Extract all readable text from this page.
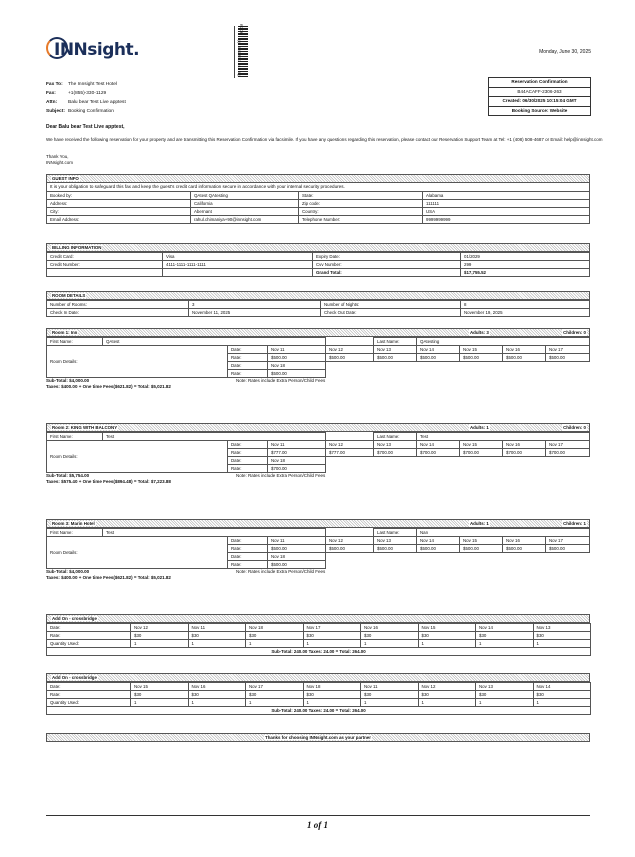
INNsight.
ROOM
| | 1 0 0 1 8 5 1 4 8 5 8 | |	Monday, June 30, 2025
Fax To:	The Innsight Test Hotel
Fax:	+1(855)-330-1129
Attn:	Balu bear Test Live apptest
Subject: Booking Confirmation
Reservation Confirmation
B44ACAFF-2306-263
Created: 06/30/2025 10:15:04 GMT
Booking Source: Website
Dear Balu bear Test Live apptest,
We have received the following reservation for your property and are transmitting this Reservation Confirmation via facsimile. If you have any questions regarding this reservation, please contact our Reservation Support Team at Tel: +1 (408) 508-4687 or Email: help@innsight.com
Thank You,
INNsight.com
GUEST INFO
It is your obligation to safeguard this fax and keep the guest's credit card information secure in accordance with your internal security procedures.
Booked by:	QAtest QAtesting	State:	Alabama
Address:	California	Zip code:	111111
City:	Abernant	Country:	USA
Email Address:	rahul.chimaniya+90@innsight.com	Telephone Number:	9999999999
BILLING INFORMATION
Credit Card:	Visa	Expiry Date:	01/2029
Credit Number:	4111-1111-1111-1111	Cvv Number:	299
		Grand Total:	$17,755.52
ROOM DETAILS
Number of Rooms:	3	Number of Nights:	8
Check In Date:	November 11, 2025	Check Out Date:	November 19, 2025
Room 1: Inn	Adults: 3	Children: 0
First Name:	QAtest				Last Name:	QAtesting			
Room Details:		Date:	Nov 11	Nov 12	Nov 13	Nov 14	Nov 15	Nov 16	Nov 17
		Rate:	$500.00	$500.00	$500.00	$500.00	$500.00	$500.00	$500.00
		Date:	Nov 18						
		Rate:	$500.00						
Sub-Total: $4,000.00
Taxes: $400.00 + One time Fees($621.82) = Total: $5,021.82
Note: Rates include Extra Person/Child Fees
Room 2: KING WITH BALCONY	Adults: 1	Children: 0
First Name:	Test				Last Name:	Test			
Room Details:		Date:	Nov 11	Nov 12	Nov 13	Nov 14	Nov 15	Nov 16	Nov 17
		Rate:	$777.00	$777.00	$700.00	$700.00	$700.00	$700.00	$700.00
		Date:	Nov 18						
		Rate:	$700.00						
Sub-Total: $5,754.00
Taxes: $575.40 + One time Fees($894.48) = Total: $7,223.88
Note: Rates include Extra Person/Child Fees
Room 3: Marin Hotel	Adults: 1	Children: 1
First Name:	Test				Last Name:	Nan			
Room Details:		Date:	Nov 11	Nov 12	Nov 13	Nov 14	Nov 15	Nov 16	Nov 17
		Rate:	$500.00	$500.00	$500.00	$500.00	$500.00	$500.00	$500.00
		Date:	Nov 18						
		Rate:	$500.00						
Sub-Total: $4,000.00
Taxes: $400.00 + One time Fees($621.82) = Total: $5,021.82
Note: Rates include Extra Person/Child Fees
Add On - crossbridge
Date:	Nov 12	Nov 11	Nov 18	Nov 17	Nov 16	Nov 15	Nov 14	Nov 13
Rate:	$30	$30	$30	$30	$30	$30	$30	$30
Quantity Used:	1	1	1	1	1	1	1	1
Sub-Total: 240.00 Taxes: 24.00 = Total: 264.00								
Add On - crossbridge
Date:	Nov 15	Nov 16	Nov 17	Nov 18	Nov 11	Nov 12	Nov 13	Nov 14
Rate:	$30	$30	$30	$30	$30	$30	$30	$30
Quantity Used:	1	1	1	1	1	1	1	1
Sub-Total: 240.00 Taxes: 24.00 = Total: 264.00								
Thanks for choosing INNsight.com as your partner
1 of 1
